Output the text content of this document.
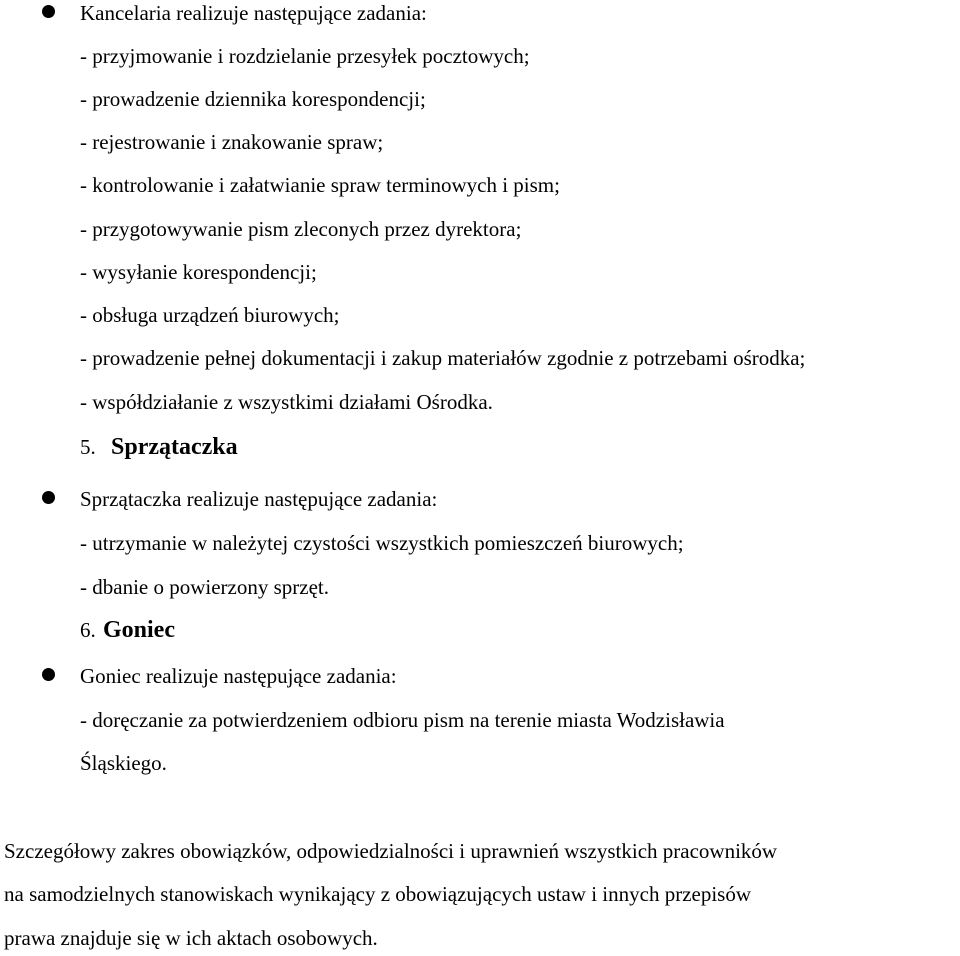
Kancelaria realizuje następujące zadania:
- przyjmowanie i rozdzielanie przesyłek pocztowych;
- prowadzenie dziennika korespondencji;
- rejestrowanie i znakowanie spraw;
- kontrolowanie i załatwianie spraw terminowych i pism;
- przygotowywanie pism zleconych przez dyrektora;
- wysyłanie korespondencji;
- obsługa urządzeń biurowych;
- prowadzenie pełnej dokumentacji i zakup materiałów zgodnie z potrzebami ośrodka;
- współdziałanie z wszystkimi działami Ośrodka.
5. Sprzątaczka
Sprzątaczka realizuje następujące zadania:
- utrzymanie w należytej czystości wszystkich pomieszczeń biurowych;
- dbanie o powierzony sprzęt.
6. Goniec
Goniec realizuje następujące zadania:
- doręczanie za potwierdzeniem odbioru pism na terenie miasta Wodzisławia
Śląskiego.
Szczegółowy zakres obowiązków, odpowiedzialności i uprawnień wszystkich pracowników
na samodzielnych stanowiskach wynikający z obowiązujących ustaw i innych przepisów
prawa znajduje się w ich aktach osobowych.
